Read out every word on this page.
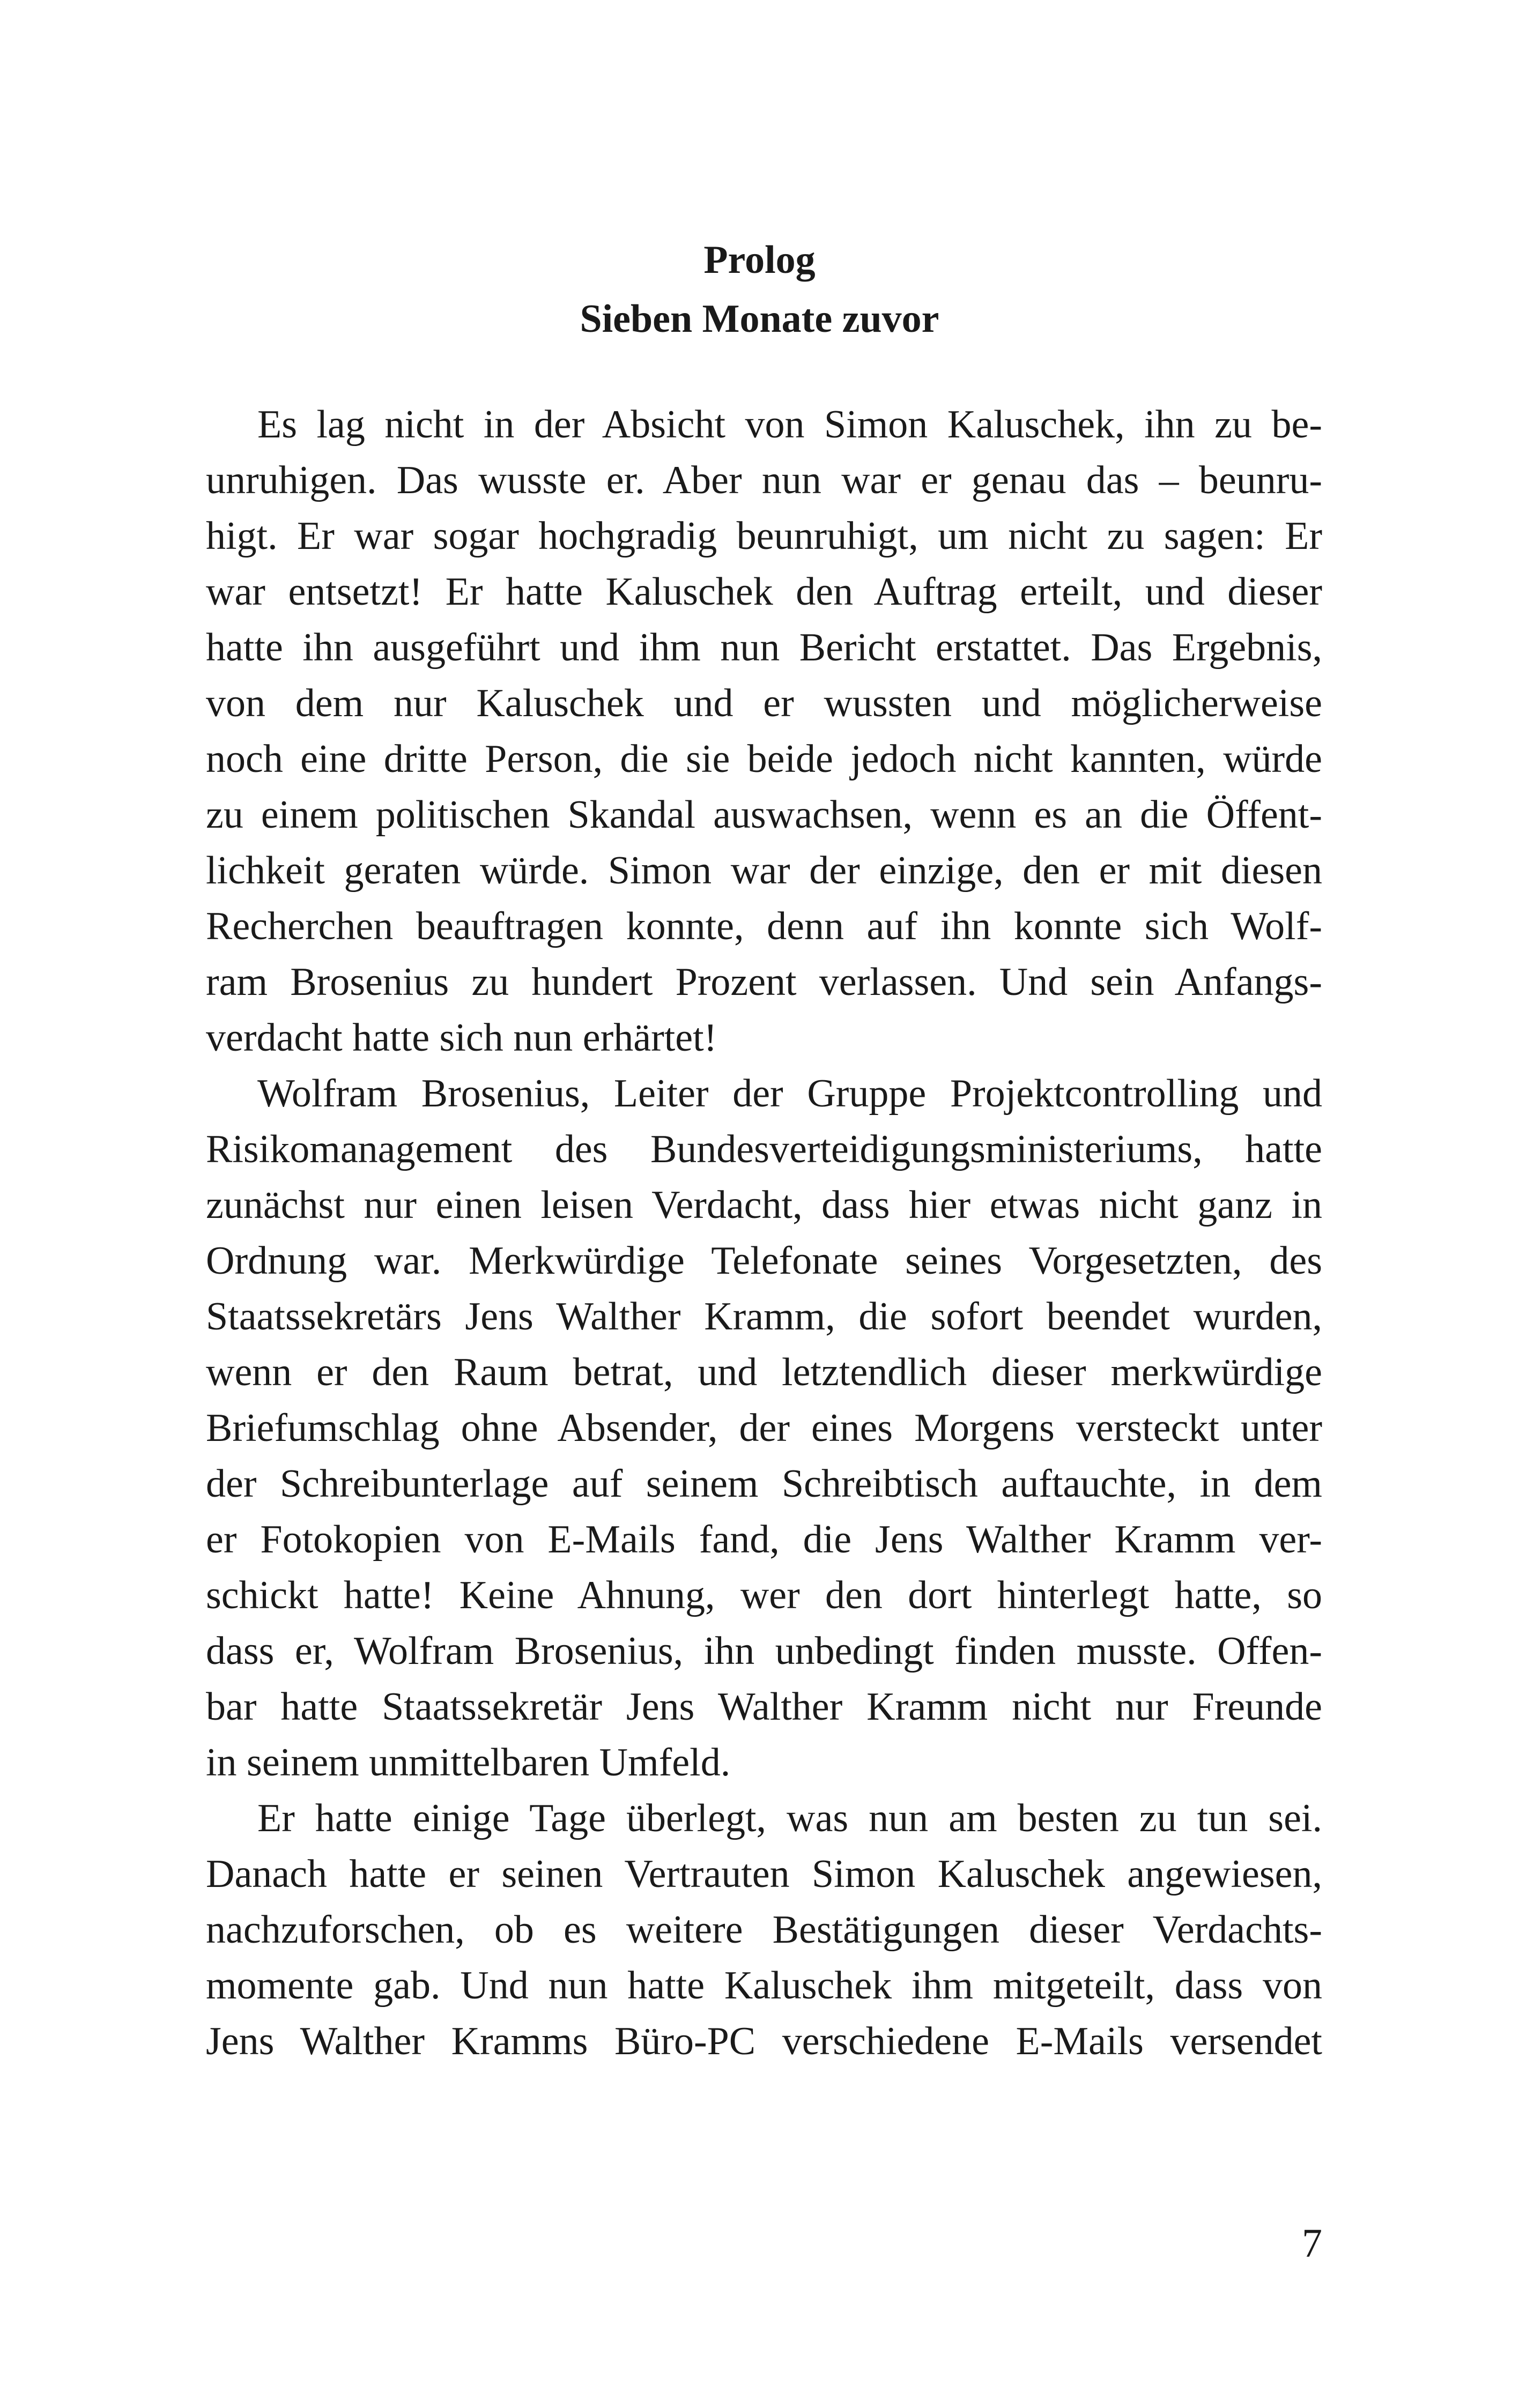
Prolog
Sieben Monate zuvor
Es lag nicht in der Absicht von Simon Kaluschek, ihn zu be-
unruhigen. Das wusste er. Aber nun war er genau das – beunru-
higt. Er war sogar hochgradig beunruhigt, um nicht zu sagen: Er
war entsetzt! Er hatte Kaluschek den Auftrag erteilt, und dieser
hatte ihn ausgeführt und ihm nun Bericht erstattet. Das Ergebnis,
von dem nur Kaluschek und er wussten und möglicherweise
noch eine dritte Person, die sie beide jedoch nicht kannten, würde
zu einem politischen Skandal auswachsen, wenn es an die Öffent-
lichkeit geraten würde. Simon war der einzige, den er mit diesen
Recherchen beauftragen konnte, denn auf ihn konnte sich Wolf-
ram Brosenius zu hundert Prozent verlassen. Und sein Anfangs-
verdacht hatte sich nun erhärtet!
Wolfram Brosenius, Leiter der Gruppe Projektcontrolling und
Risikomanagement des Bundesverteidigungsministeriums, hatte
zunächst nur einen leisen Verdacht, dass hier etwas nicht ganz in
Ordnung war. Merkwürdige Telefonate seines Vorgesetzten, des
Staatssekretärs Jens Walther Kramm, die sofort beendet wurden,
wenn er den Raum betrat, und letztendlich dieser merkwürdige
Briefumschlag ohne Absender, der eines Morgens versteckt unter
der Schreibunterlage auf seinem Schreibtisch auftauchte, in dem
er Fotokopien von E-Mails fand, die Jens Walther Kramm ver-
schickt hatte! Keine Ahnung, wer den dort hinterlegt hatte, so
dass er, Wolfram Brosenius, ihn unbedingt finden musste. Offen-
bar hatte Staatssekretär Jens Walther Kramm nicht nur Freunde
in seinem unmittelbaren Umfeld.
Er hatte einige Tage überlegt, was nun am besten zu tun sei.
Danach hatte er seinen Vertrauten Simon Kaluschek angewiesen,
nachzuforschen, ob es weitere Bestätigungen dieser Verdachts-
momente gab. Und nun hatte Kaluschek ihm mitgeteilt, dass von
Jens Walther Kramms Büro-PC verschiedene E-Mails versendet
7
